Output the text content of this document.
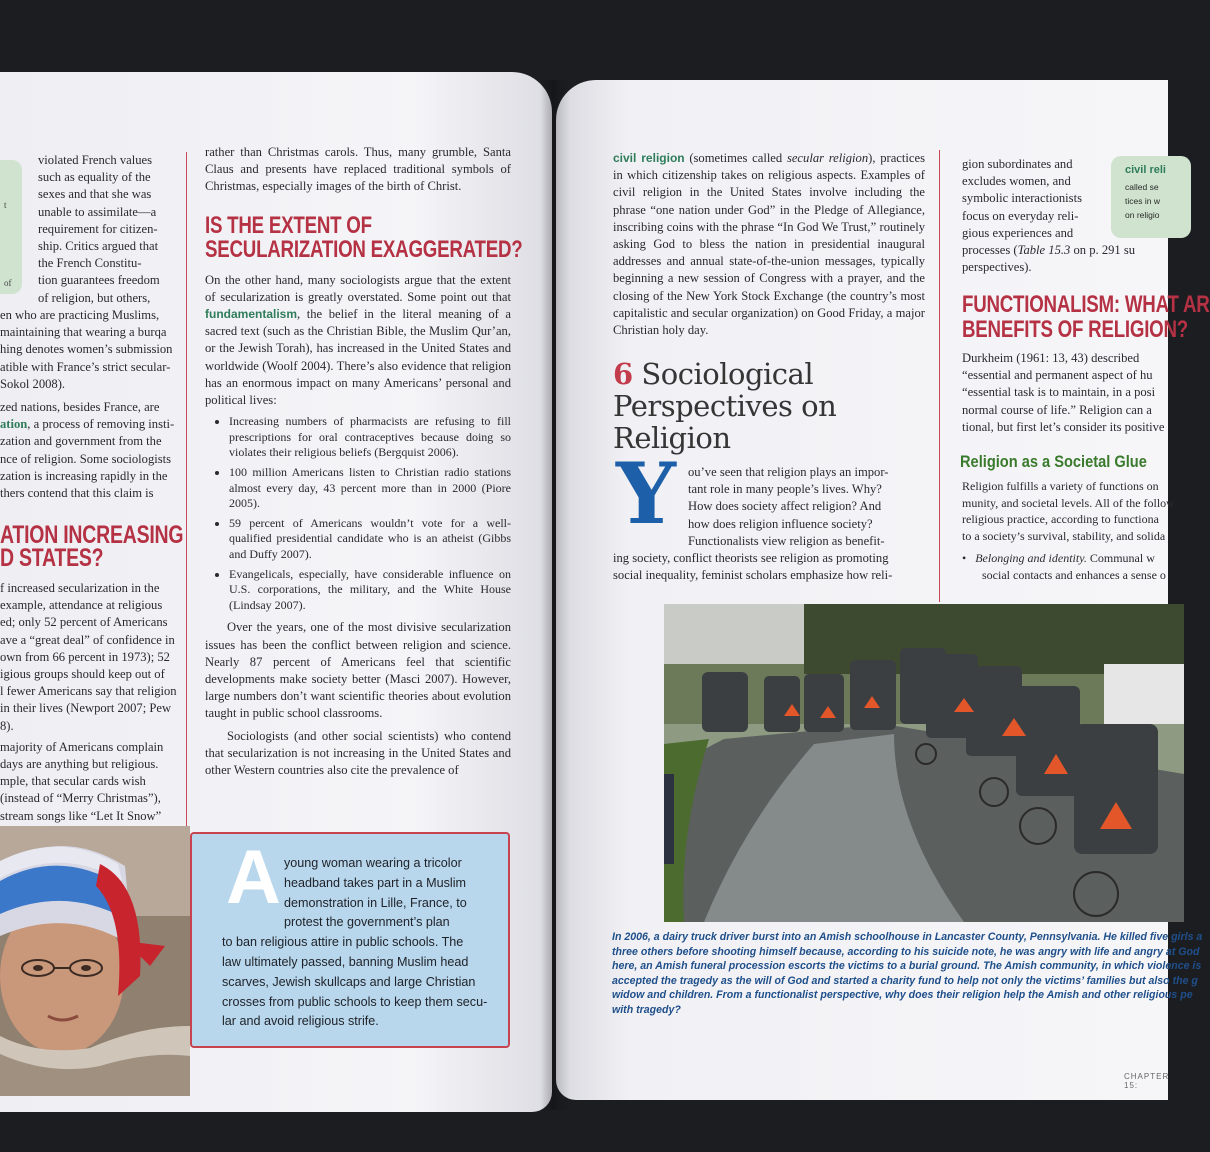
t
of
violated French values
such as equality of the
sexes and that she was
unable to assimilate—a
requirement for citizen-
ship. Critics argued that
the French Constitu-
tion guarantees freedom
of religion, but others,
en who are practicing Muslims,
maintaining that wearing a burqa
hing denotes women’s submission
atible with France’s strict secular-
Sokol 2008).
zed nations, besides France, are
ation, a process of removing insti-
zation and government from the
nce of religion. Some sociologists
zation is increasing rapidly in the
thers contend that this claim is
ATION INCREASING
D STATES?
f increased secularization in the
example, attendance at religious
ed; only 52 percent of Americans
ave a “great deal” of confidence in
own from 66 percent in 1973); 52
igious groups should keep out of
l fewer Americans say that religion
in their lives (Newport 2007; Pew
8).
majority of Americans complain
days are anything but religious.
mple, that secular cards wish
(instead of “Merry Christmas”),
stream songs like “Let It Snow”

rather than Christmas carols. Thus, many grumble, Santa Claus and presents have replaced traditional symbols of Christmas, especially images of the birth of Christ.

IS THE EXTENT OF
SECULARIZATION EXAGGERATED?

On the other hand, many sociologists argue that the extent of secularization is greatly overstated. Some point out that fundamentalism, the belief in the literal meaning of a sacred text (such as the Christian Bible, the Muslim Qur’an, or the Jewish Torah), has increased in the United States and worldwide (Woolf 2004). There’s also evidence that religion has an enormous impact on many Americans’ personal and political lives:

• Increasing numbers of pharmacists are refusing to fill prescriptions for oral contraceptives because doing so violates their religious beliefs (Bergquist 2006).
• 100 million Americans listen to Christian radio stations almost every day, 43 percent more than in 2000 (Piore 2005).
• 59 percent of Americans wouldn’t vote for a well-qualified presidential candidate who is an atheist (Gibbs and Duffy 2007).
• Evangelicals, especially, have considerable influence on U.S. corporations, the military, and the White House (Lindsay 2007).

Over the years, one of the most divisive secularization issues has been the conflict between religion and science. Nearly 87 percent of Americans feel that scientific developments make society better (Masci 2007). However, large numbers don’t want scientific theories about evolution taught in public school classrooms.

Sociologists (and other social scientists) who contend that secularization is not increasing in the United States and other Western countries also cite the prevalence of

A young woman wearing a tricolor
headband takes part in a Muslim
demonstration in Lille, France, to
protest the government’s plan
to ban religious attire in public schools. The
law ultimately passed, banning Muslim head
scarves, Jewish skullcaps and large Christian
crosses from public schools to keep them secu-
lar and avoid religious strife.

civil religion (sometimes called secular religion), practices in which citizenship takes on religious aspects. Examples of civil religion in the United States involve including the phrase “one nation under God” in the Pledge of Allegiance, inscribing coins with the phrase “In God We Trust,” routinely asking God to bless the nation in presidential inaugural addresses and annual state-of-the-union messages, typically beginning a new session of Congress with a prayer, and the closing of the New York Stock Exchange (the country’s most capitalistic and secular organization) on Good Friday, a major Christian holy day.

6 Sociological
Perspectives on
Religion
Y ou’ve seen that religion plays an impor-
tant role in many people’s lives. Why?
How does society affect religion? And
how does religion influence society?
Functionalists view religion as benefit-
ing society, conflict theorists see religion as promoting
social inequality, feminist scholars emphasize how reli-
gion subordinates and
excludes women, and
symbolic interactionists
focus on everyday reli-
gious experiences and
processes (Table 15.3 on p. 291 su
perspectives).
civil reli
called se
tices in w
on religio
FUNCTIONALISM: WHAT AR
BENEFITS OF RELIGION?
Durkheim (1961: 13, 43) described
“essential and permanent aspect of hu
“essential task is to maintain, in a posi
normal course of life.” Religion can a
tional, but first let’s consider its positive
Religion as a Societal Glue
Religion fulfills a variety of functions on
munity, and societal levels. All of the follow
religious practice, according to functiona
to a society’s survival, stability, and solida
•   Belonging and identity. Communal w
social contacts and enhances a sense o
In 2006, a dairy truck driver burst into an Amish schoolhouse in Lancaster County, Pennsylvania. He killed five girls a
three others before shooting himself because, according to his suicide note, he was angry with life and angry at God
here, an Amish funeral procession escorts the victims to a burial ground. The Amish community, in which violence is
accepted the tragedy as the will of God and started a charity fund to help not only the victims’ families but also the g
widow and children. From a functionalist perspective, why does their religion help the Amish and other religious pe
with tragedy?
CHAPTER 15:
